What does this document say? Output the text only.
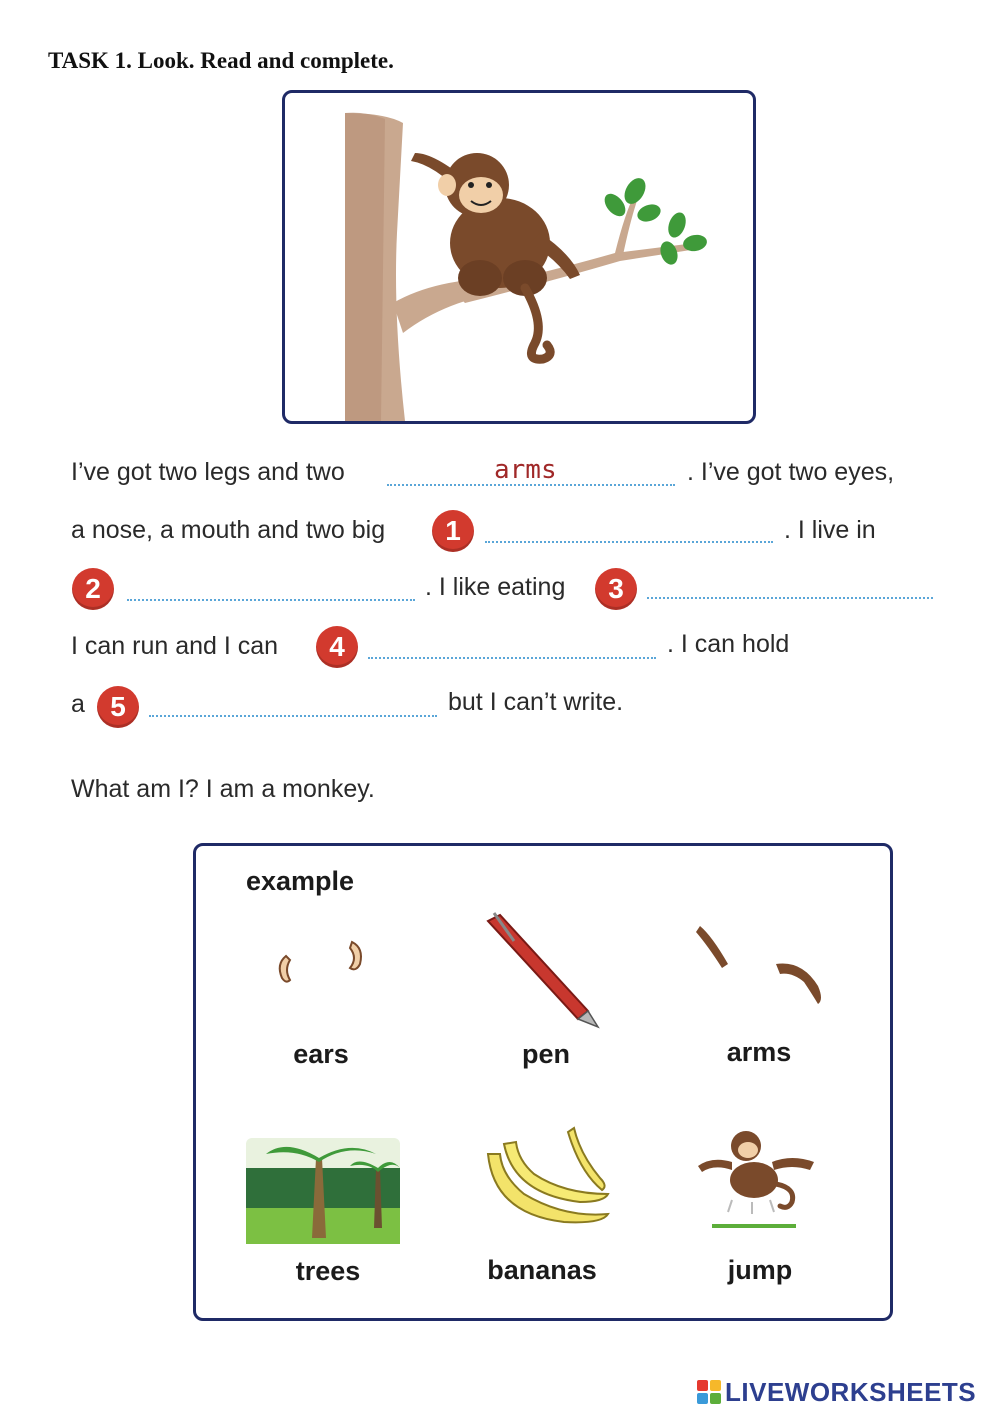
TASK 1. Look. Read and complete.
I’ve got two legs and two	arms	. I’ve got two eyes,
a nose, a mouth and two big	1	. I live in
2	. I like eating	3
I can run and I can	4	. I can hold
a 5	but I can’t write.
What am I? I am a monkey.
example
ears	pen	arms
trees	bananas	jump
LIVEWORKSHEETS
